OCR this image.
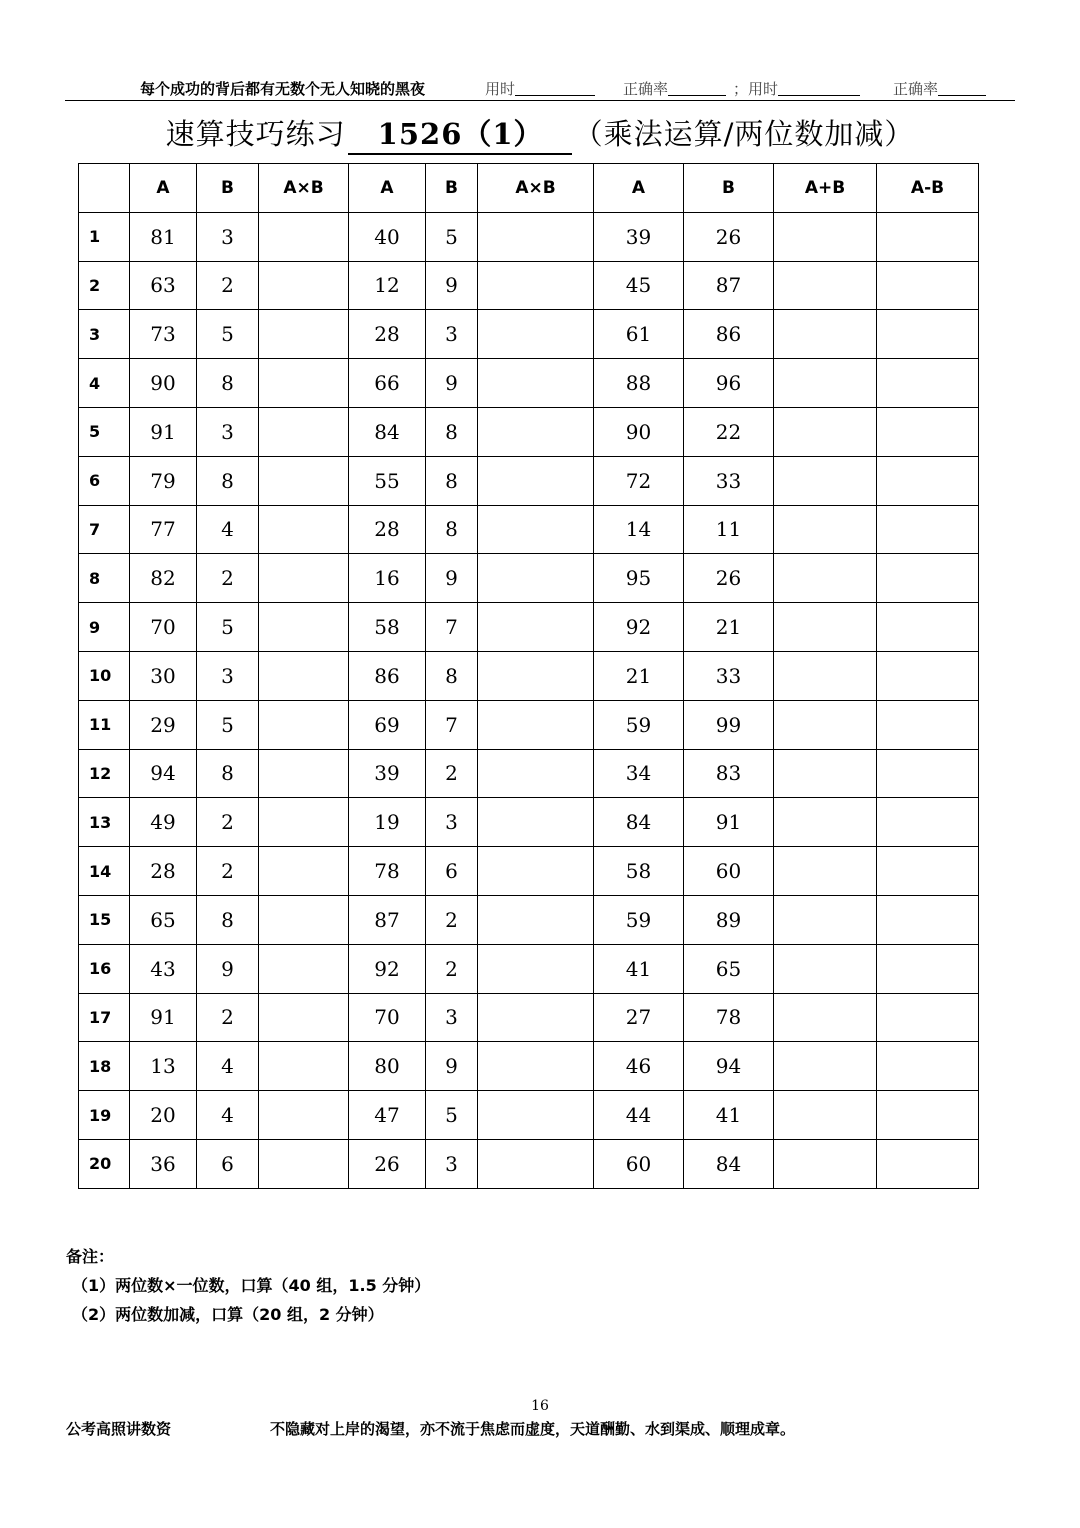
每个成功的背后都有无数个无人知晓的黑夜	用时	正确率	；用时	正确率
速算技巧练习 1526（1） （乘法运算/两位数加减）
	A	B	A×B	A	B	A×B	A	B	A+B	A-B
1	81	3		40	5		39	26		
2	63	2		12	9		45	87		
3	73	5		28	3		61	86		
4	90	8		66	9		88	96		
5	91	3		84	8		90	22		
6	79	8		55	8		72	33		
7	77	4		28	8		14	11		
8	82	2		16	9		95	26		
9	70	5		58	7		92	21		
10	30	3		86	8		21	33		
11	29	5		69	7		59	99		
12	94	8		39	2		34	83		
13	49	2		19	3		84	91		
14	28	2		78	6		58	60		
15	65	8		87	2		59	89		
16	43	9		92	2		41	65		
17	91	2		70	3		27	78		
18	13	4		80	9		46	94		
19	20	4		47	5		44	41		
20	36	6		26	3		60	84		
备注：
（1）两位数×一位数，口算（40 组，1.5 分钟）
（2）两位数加减，口算（20 组，2 分钟）
16
公考高照讲数资	不隐藏对上岸的渴望，亦不流于焦虑而虚度，天道酬勤、水到渠成、顺理成章。
